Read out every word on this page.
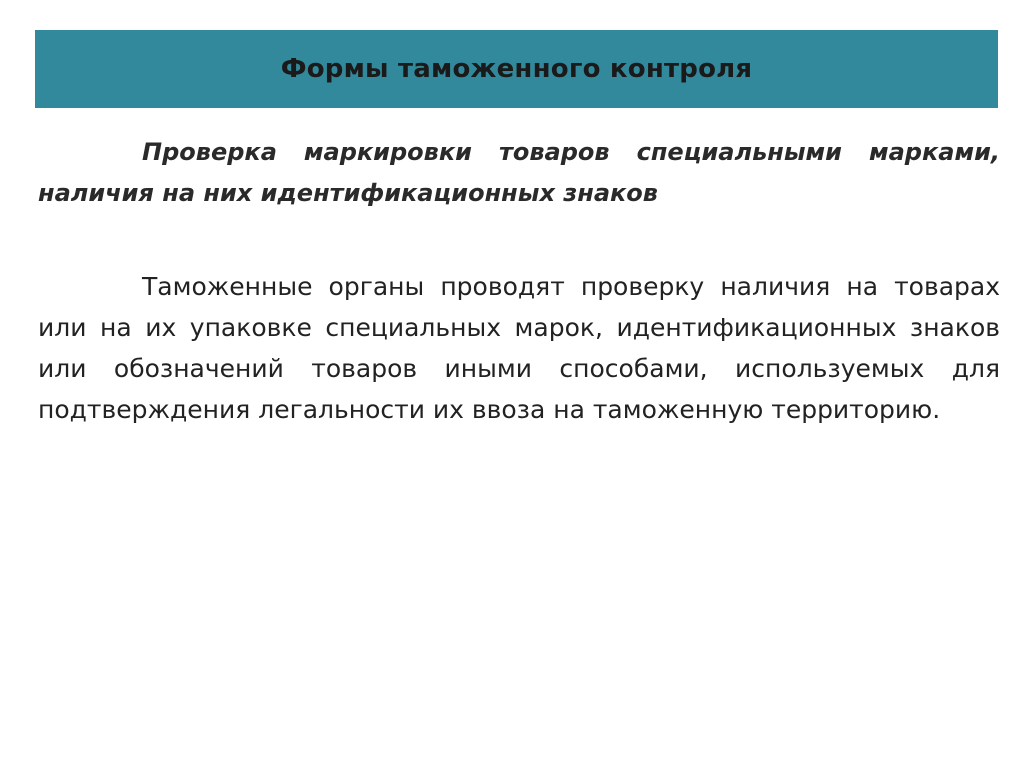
Формы таможенного контроля

Проверка маркировки товаров специальными марками, наличия на них идентификационных знаков

Таможенные органы проводят проверку наличия на товарах или на их упаковке специальных марок, идентификационных знаков или обозначений товаров иными способами, используемых для подтверждения легальности их ввоза на таможенную территорию.
